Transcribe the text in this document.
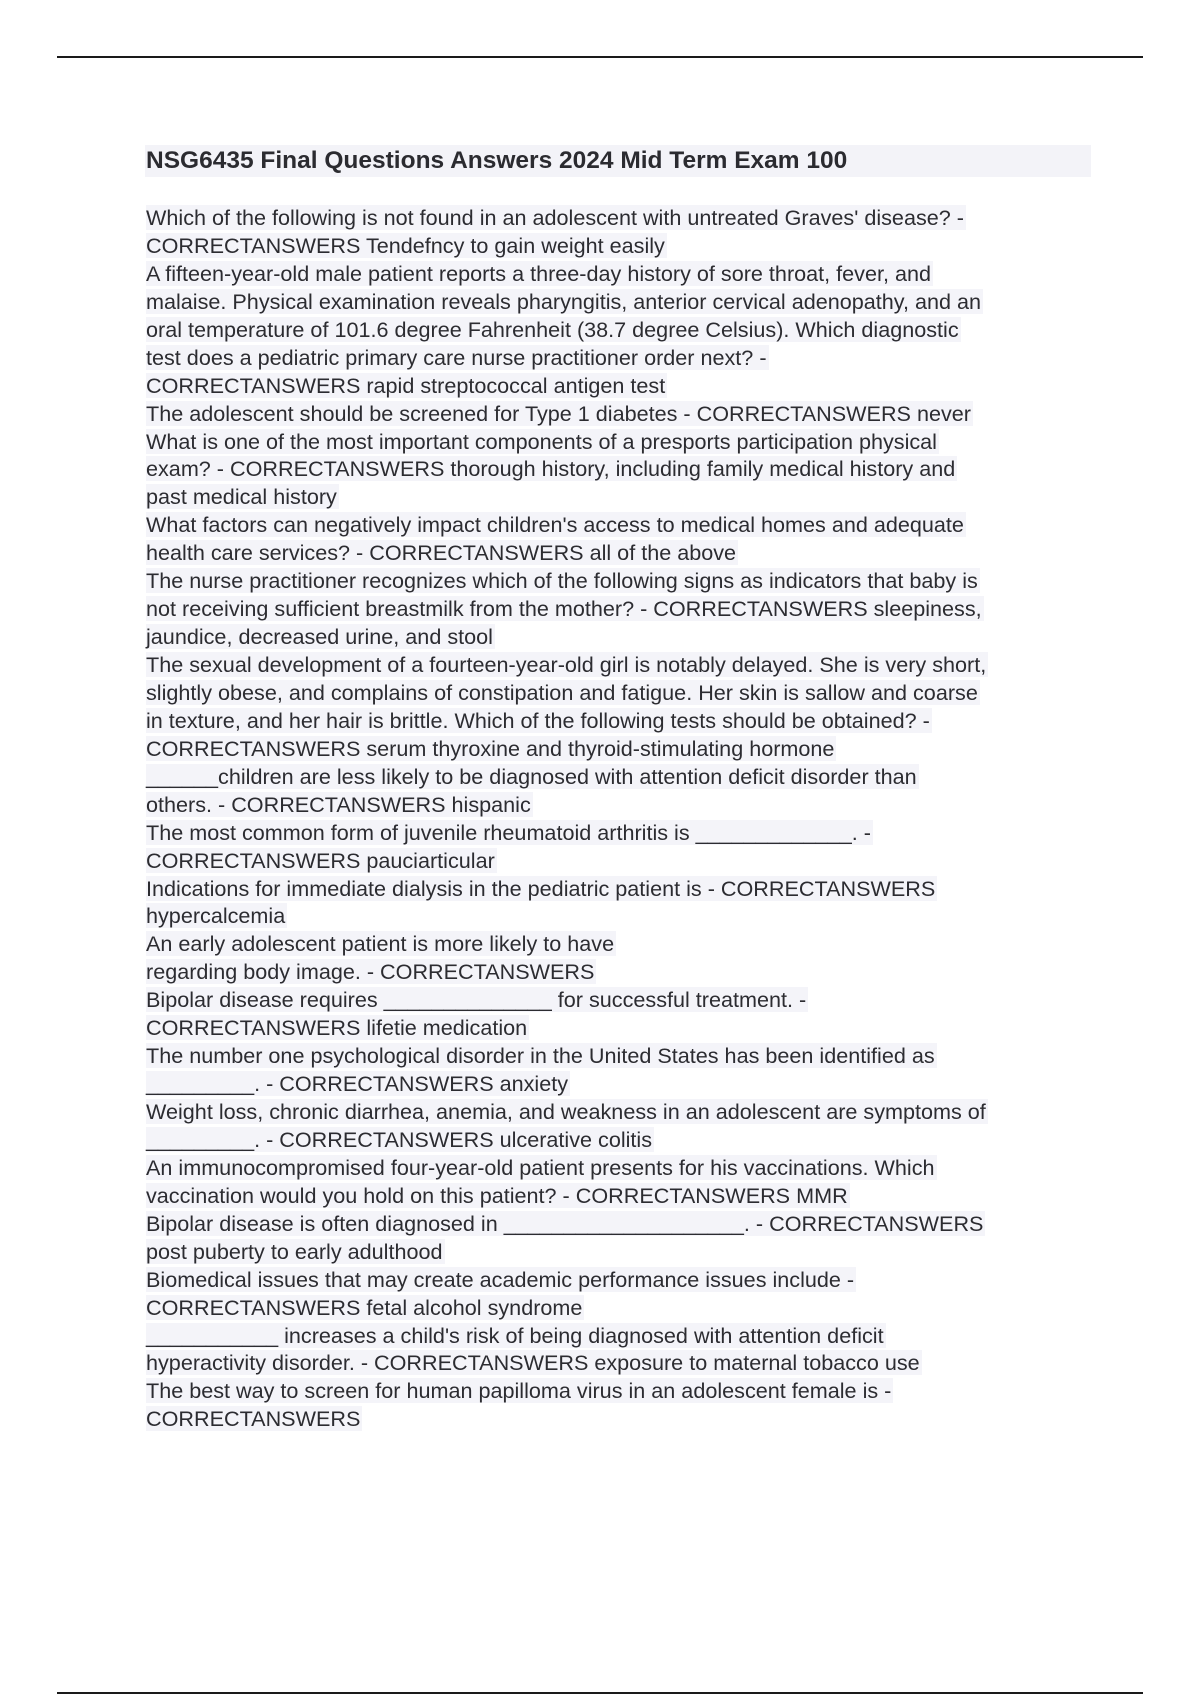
NSG6435 Final Questions Answers 2024 Mid Term Exam 100
Which of the following is not found in an adolescent with untreated Graves' disease? -
CORRECTANSWERS Tendefncy to gain weight easily
A fifteen-year-old male patient reports a three-day history of sore throat, fever, and
malaise. Physical examination reveals pharyngitis, anterior cervical adenopathy, and an
oral temperature of 101.6 degree Fahrenheit (38.7 degree Celsius). Which diagnostic
test does a pediatric primary care nurse practitioner order next? -
CORRECTANSWERS rapid streptococcal antigen test
The adolescent should be screened for Type 1 diabetes - CORRECTANSWERS never
What is one of the most important components of a presports participation physical
exam? - CORRECTANSWERS thorough history, including family medical history and
past medical history
What factors can negatively impact children's access to medical homes and adequate
health care services? - CORRECTANSWERS all of the above
The nurse practitioner recognizes which of the following signs as indicators that baby is
not receiving sufficient breastmilk from the mother? - CORRECTANSWERS sleepiness,
jaundice, decreased urine, and stool
The sexual development of a fourteen-year-old girl is notably delayed. She is very short,
slightly obese, and complains of constipation and fatigue. Her skin is sallow and coarse
in texture, and her hair is brittle. Which of the following tests should be obtained? -
CORRECTANSWERS serum thyroxine and thyroid-stimulating hormone
______children are less likely to be diagnosed with attention deficit disorder than
others. - CORRECTANSWERS hispanic
The most common form of juvenile rheumatoid arthritis is _____________. -
CORRECTANSWERS pauciarticular
Indications for immediate dialysis in the pediatric patient is - CORRECTANSWERS
hypercalcemia
An early adolescent patient is more likely to have
regarding body image. - CORRECTANSWERS
Bipolar disease requires ______________ for successful treatment. -
CORRECTANSWERS lifetie medication
The number one psychological disorder in the United States has been identified as
_________. - CORRECTANSWERS anxiety
Weight loss, chronic diarrhea, anemia, and weakness in an adolescent are symptoms of
_________. - CORRECTANSWERS ulcerative colitis
An immunocompromised four-year-old patient presents for his vaccinations. Which
vaccination would you hold on this patient? - CORRECTANSWERS MMR
Bipolar disease is often diagnosed in ____________________. - CORRECTANSWERS
post puberty to early adulthood
Biomedical issues that may create academic performance issues include -
CORRECTANSWERS fetal alcohol syndrome
___________ increases a child's risk of being diagnosed with attention deficit
hyperactivity disorder. - CORRECTANSWERS exposure to maternal tobacco use
The best way to screen for human papilloma virus in an adolescent female is -
CORRECTANSWERS
